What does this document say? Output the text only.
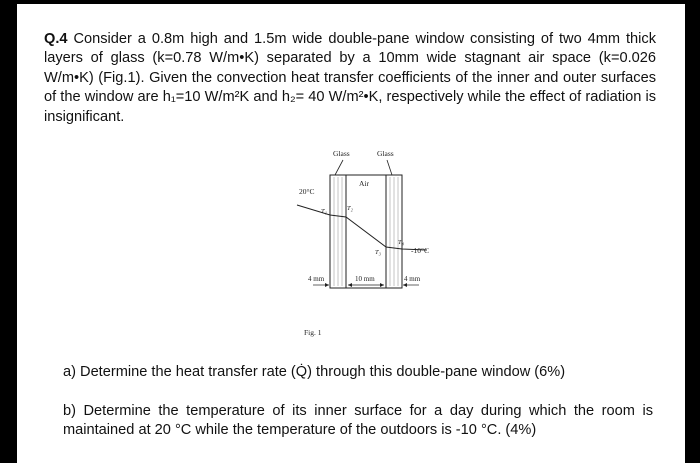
Q.4 Consider a 0.8m high and 1.5m wide double-pane window consisting of two 4mm thick layers of glass (k=0.78 W/m•K) separated by a 10mm wide stagnant air space (k=0.026 W/m•K) (Fig.1). Given the convection heat transfer coefficients of the inner and outer surfaces of the window are h₁=10 W/m²K and h₂= 40 W/m²•K, respectively while the effect of radiation is insignificant.

Glass	Glass
Air
20°C
T₁	T₂
T₃
T₄
-10°C
4 mm	10 mm	4 mm
Fig. 1

a) Determine the heat transfer rate (Q̇) through this double-pane window (6%)

b) Determine the temperature of its inner surface for a day during which the room is maintained at 20 °C while the temperature of the outdoors is -10 °C. (4%)
